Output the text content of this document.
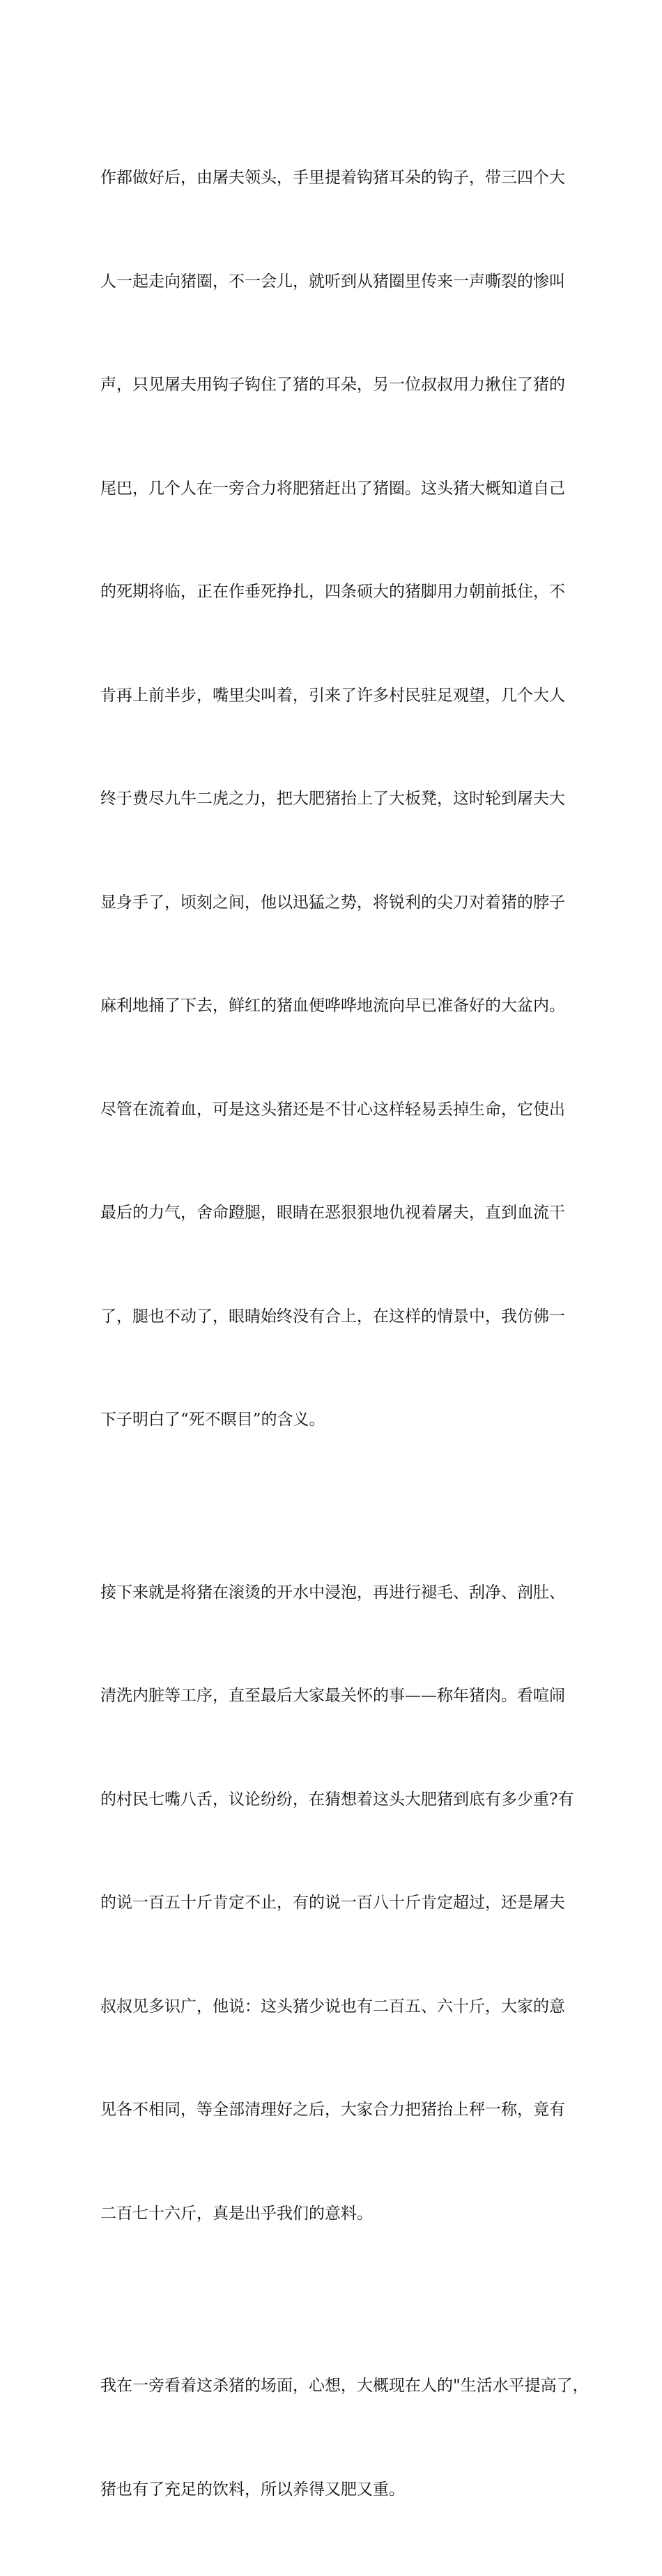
作都做好后，由屠夫领头，手里提着钩猪耳朵的钩子，带三四个大

人一起走向猪圈，不一会儿，就听到从猪圈里传来一声嘶裂的惨叫

声，只见屠夫用钩子钩住了猪的耳朵，另一位叔叔用力揪住了猪的

尾巴，几个人在一旁合力将肥猪赶出了猪圈。这头猪大概知道自己

的死期将临，正在作垂死挣扎，四条硕大的猪脚用力朝前抵住，不

肯再上前半步，嘴里尖叫着，引来了许多村民驻足观望，几个大人

终于费尽九牛二虎之力，把大肥猪抬上了大板凳，这时轮到屠夫大

显身手了，顷刻之间，他以迅猛之势，将锐利的尖刀对着猪的脖子

麻利地捅了下去，鲜红的猪血便哗哗地流向早已准备好的大盆内。

尽管在流着血，可是这头猪还是不甘心这样轻易丢掉生命，它使出

最后的力气，舍命蹬腿，眼睛在恶狠狠地仇视着屠夫，直到血流干

了，腿也不动了，眼睛始终没有合上，在这样的情景中，我仿佛一

下子明白了“死不瞑目”的含义。

接下来就是将猪在滚烫的开水中浸泡，再进行褪毛、刮净、剖肚、

清洗内脏等工序，直至最后大家最关怀的事——称年猪肉。看喧闹

的村民七嘴八舌，议论纷纷，在猜想着这头大肥猪到底有多少重?有

的说一百五十斤肯定不止，有的说一百八十斤肯定超过，还是屠夫

叔叔见多识广，他说：这头猪少说也有二百五、六十斤，大家的意

见各不相同，等全部清理好之后，大家合力把猪抬上秤一称，竟有

二百七十六斤，真是出乎我们的意料。

我在一旁看着这杀猪的场面，心想，大概现在人的"生活水平提高了，

猪也有了充足的饮料，所以养得又肥又重。
